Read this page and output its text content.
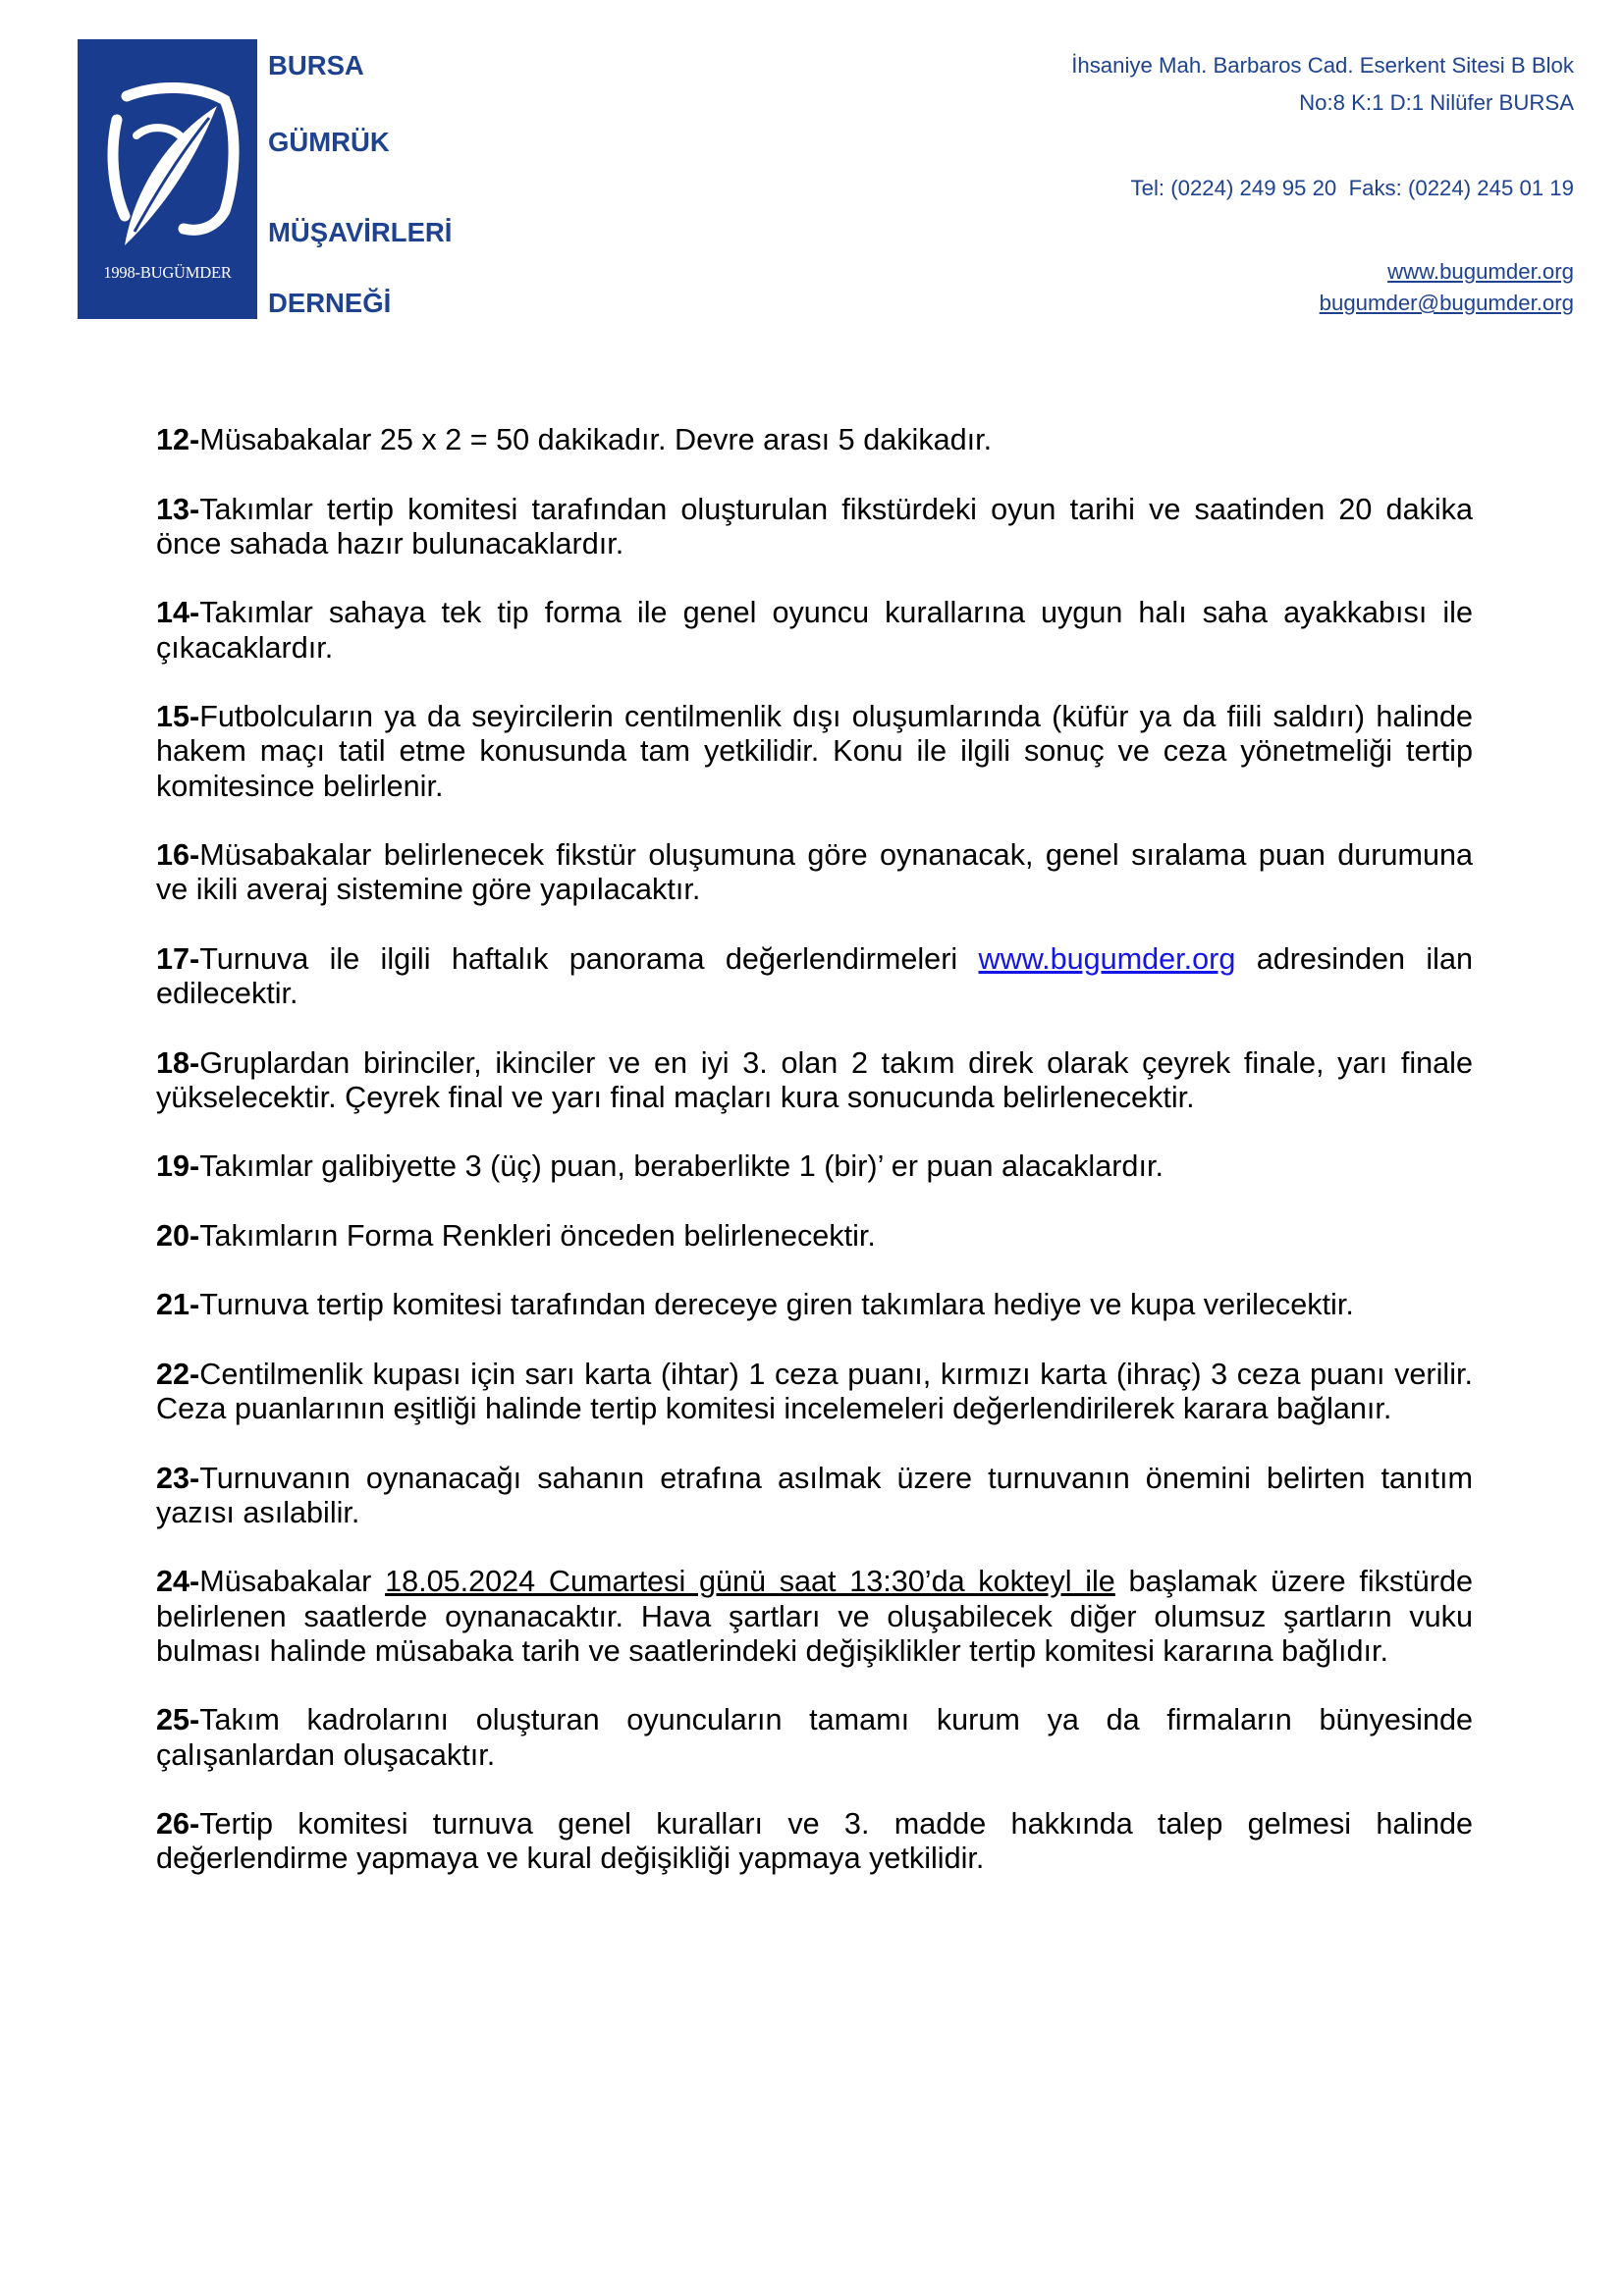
1998-BUGÜMDER
BURSA
GÜMRÜK
MÜŞAVİRLERİ
DERNEĞİ
İhsaniye Mah. Barbaros Cad. Eserkent Sitesi B Blok
No:8 K:1 D:1 Nilüfer BURSA
Tel: (0224) 249 95 20  Faks: (0224) 245 01 19
www.bugumder.org
bugumder@bugumder.org
12-Müsabakalar 25 x 2 = 50 dakikadır. Devre arası 5 dakikadır.
13-Takımlar tertip komitesi tarafından oluşturulan fikstürdeki oyun tarihi ve saatinden 20 dakika
önce sahada hazır bulunacaklardır.
14-Takımlar sahaya tek tip forma ile genel oyuncu kurallarına uygun halı saha ayakkabısı ile
çıkacaklardır.
15-Futbolcuların ya da seyircilerin centilmenlik dışı oluşumlarında (küfür ya da fiili saldırı) halinde
hakem maçı tatil etme konusunda tam yetkilidir. Konu ile ilgili sonuç ve ceza yönetmeliği tertip
komitesince belirlenir.
16-Müsabakalar belirlenecek fikstür oluşumuna göre oynanacak, genel sıralama puan durumuna
ve ikili averaj sistemine göre yapılacaktır.
17-Turnuva ile ilgili haftalık panorama değerlendirmeleri www.bugumder.org adresinden ilan
edilecektir.
18-Gruplardan birinciler, ikinciler ve en iyi 3. olan 2 takım direk olarak çeyrek finale, yarı finale
yükselecektir. Çeyrek final ve yarı final maçları kura sonucunda belirlenecektir.
19-Takımlar galibiyette 3 (üç) puan, beraberlikte 1 (bir)’ er puan alacaklardır.
20-Takımların Forma Renkleri önceden belirlenecektir.
21-Turnuva tertip komitesi tarafından dereceye giren takımlara hediye ve kupa verilecektir.
22-Centilmenlik kupası için sarı karta (ihtar) 1 ceza puanı, kırmızı karta (ihraç) 3 ceza puanı verilir.
Ceza puanlarının eşitliği halinde tertip komitesi incelemeleri değerlendirilerek karara bağlanır.
23-Turnuvanın oynanacağı sahanın etrafına asılmak üzere turnuvanın önemini belirten tanıtım
yazısı asılabilir.
24-Müsabakalar 18.05.2024 Cumartesi günü saat 13:30’da kokteyl ile başlamak üzere fikstürde
belirlenen saatlerde oynanacaktır. Hava şartları ve oluşabilecek diğer olumsuz şartların vuku
bulması halinde müsabaka tarih ve saatlerindeki değişiklikler tertip komitesi kararına bağlıdır.
25-Takım kadrolarını oluşturan oyuncuların tamamı kurum ya da firmaların bünyesinde
çalışanlardan oluşacaktır.
26-Tertip komitesi turnuva genel kuralları ve 3. madde hakkında talep gelmesi halinde
değerlendirme yapmaya ve kural değişikliği yapmaya yetkilidir.
